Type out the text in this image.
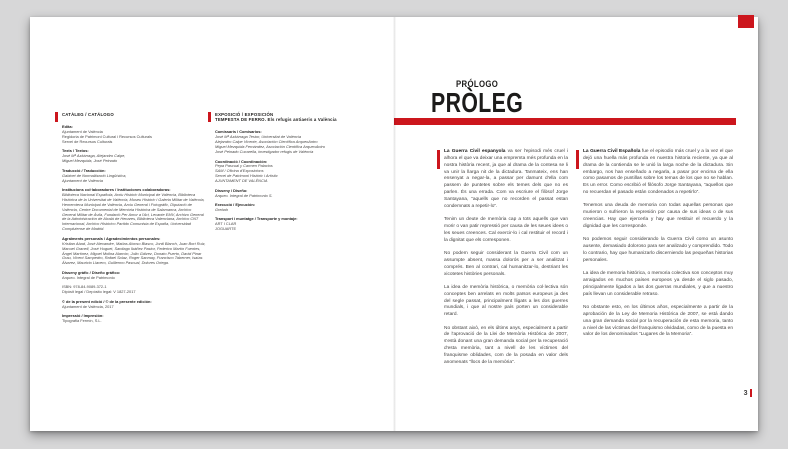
CATÀLEG / CATÁLOGO
Edita:
Ajuntament de València
Regidoria de Patrimoni Cultural i Recursos Culturals
Servei de Recursos Culturals
Texts / Textos:
José Mª Azkárraga, Alejandro Calpe,
Miguel Mezquida, José Peinado
Traducció / Traducción:
Gabinet de Normalització Lingüística,
Ajuntament de València
Institucions col·laboradores / Instituciones colaboradoras:
Biblioteca Nacional Española, Arxiu Històric Municipal de València, Biblioteca Històrica de la Universitat de València, Museu Històric i Galeria Militar de València, Hemeroteca Municipal de València, Arxiu General i Fotogràfic, Diputació de València, Centre Documental de Memòria Històrica de Salamanca, Archivo General Militar de Ávila, Fundació Per Amor a l'Art, Levante EMV, Archivo General de la Administración de Alcalá de Henares, Biblioteca Valenciana, Archivo CNT Internacional, Archivo Histórico Partido Comunista de España, Universidad Complutense de Madrid.
Agraïments personals / Agradecimientos personales:
Kristian Abad, José Alexandre, Matías Alonso Blasco, Jordi Blanch, Juan Bort Ruiz, Manuel Granell, José Huguet, Santiago Ibáñez Pastor, Federico Martín Fuentes, Ángel Martínez, Miguel Molina Alarcón, Julio Gálvez, Donato Puerto, David Pinar Grau, Vicent Sampedro, Rafael Solaz, Roger Sanmay, Francisco Taberner, Isaías Álvarez, Mauricio Llavero, Guillermo Pascual, Dolores Ortega.
Disseny gràfic / Diseño gráfico:
Arqueo. Integral de Patrimonio
ISBN: 978-84-9089-372-1
Dipòsit legal / Depósito legal: V 1827-2017
© de la present edició / © de la presente edición:
Ajuntament de València, 2017
Impressió / Impresión:
Tipografia Fermín, S.L.
EXPOSICIÓ / EXPOSICIÓN
TEMPESTA DE FERRO. Els refugis antiaeris a València
Comissaris / Comisarios:
José Mª Azkárraga Testor, Universitat de València
Alejandro Calpe Vicente, Asociación Científica ArqueoAntro
Miguel Mezquida Fernández, Asociación Científica ArqueoAntro
José Peinado Cucarella, investigador refugis de València
Coordinació / Coordinación:
Pepa Pascual y Carmen Palacios
SAM / Oficina d'Exposicions
Servei de Patrimoni Històric i Artístic
AJUNTAMENT DE VALÈNCIA
Disseny / Diseño:
Arqueo. Integral de Patrimonio S.
Execució / Ejecución:
Grebah
Transport i muntatge / Transporte y montaje:
ART I CLAR
JOGUARTE
PRÓLOGO
PRÒLEG

La Guerra Civil espanyola va ser l'episodi més cruel i alhora el que va deixar una empremta més profunda en la nostra història recent, ja que al drama de la contesa se li va unir la llarga nit de la dictadura. Tanmateix, ens han ensenyat a negar-la, a passar per damunt d'ella com passem de puntetes sobre els temes dels que no es parlen. És una errada. Com va escriure el filòsof Jorge Santayana, “aquells que no recorden el passat estan condemnats a repetir-lo”.

Tenim un deute de memòria cap a tots aquells que van morir o van patir repressió per causa de les seues idees o les seues creences. Cal exercir-lo i cal restituir el record i la dignitat que els corresponen.

No podem seguir considerant la Guerra Civil com un assumpte absent, massa dolorós per a ser analitzat i comprés. Ben al contrari, cal humanitzar-lo, destriant les xicotetes històries personals.

La idea de memòria històrica, o memòria col·lectiva són conceptes ben arrelats en molts països europeus ja des del segle passat, principalment lligats a les dos guerres mundials, i que al nostre país porten un considerable retard.

No obstant això, en els últims anys, especialment a partir de l'aprovació de la Llei de Memòria Històrica de 2007, s'està donant una gran demanda social per la recuperació d'esta memòria, tant a nivell de les víctimes del franquisme oblidades, com de la posada en valor dels anomenats “llocs de la memòria”.

La Guerra Civil Española fue el episodio más cruel y a la vez el que dejó una huella más profunda en nuestra historia reciente, ya que al drama de la contienda se le unió la larga noche de la dictadura. Sin embargo, nos han enseñado a negarla, a pasar por encima de ella como pasamos de puntillas sobre los temas de los que no se hablan. Es un error. Como escribió el filósofo Jorge Santayana, “aquellos que no recuerdan el pasado están condenados a repetirlo”.

Tenemos una deuda de memoria con todas aquellas personas que murieron o sufrieron la represión por causa de sus ideas o de sus creencias. Hay que ejercerla y hay que restituir el recuerdo y la dignidad que les corresponde.

No podemos seguir considerando la Guerra Civil como un asunto ausente, demasiado doloroso para ser analizado y comprendido. Todo lo contrario, hay que humanizarlo discerniendo las pequeñas historias personales.

La idea de memoria histórica, o memoria colectiva son conceptos muy arraigados en muchos países europeos ya desde el siglo pasado, principalmente ligados a las dos guerras mundiales, y que a nuestro país llevan un considerable retraso.

No obstante esto, en los últimos años, especialmente a partir de la aprobación de la Ley de Memoria Histórica de 2007, se está dando una gran demanda social por la recuperación de esta memoria, tanto a nivel de las víctimas del franquismo olvidadas, como de la puesta en valor de los denominados “Lugares de la Memoria”.

3
